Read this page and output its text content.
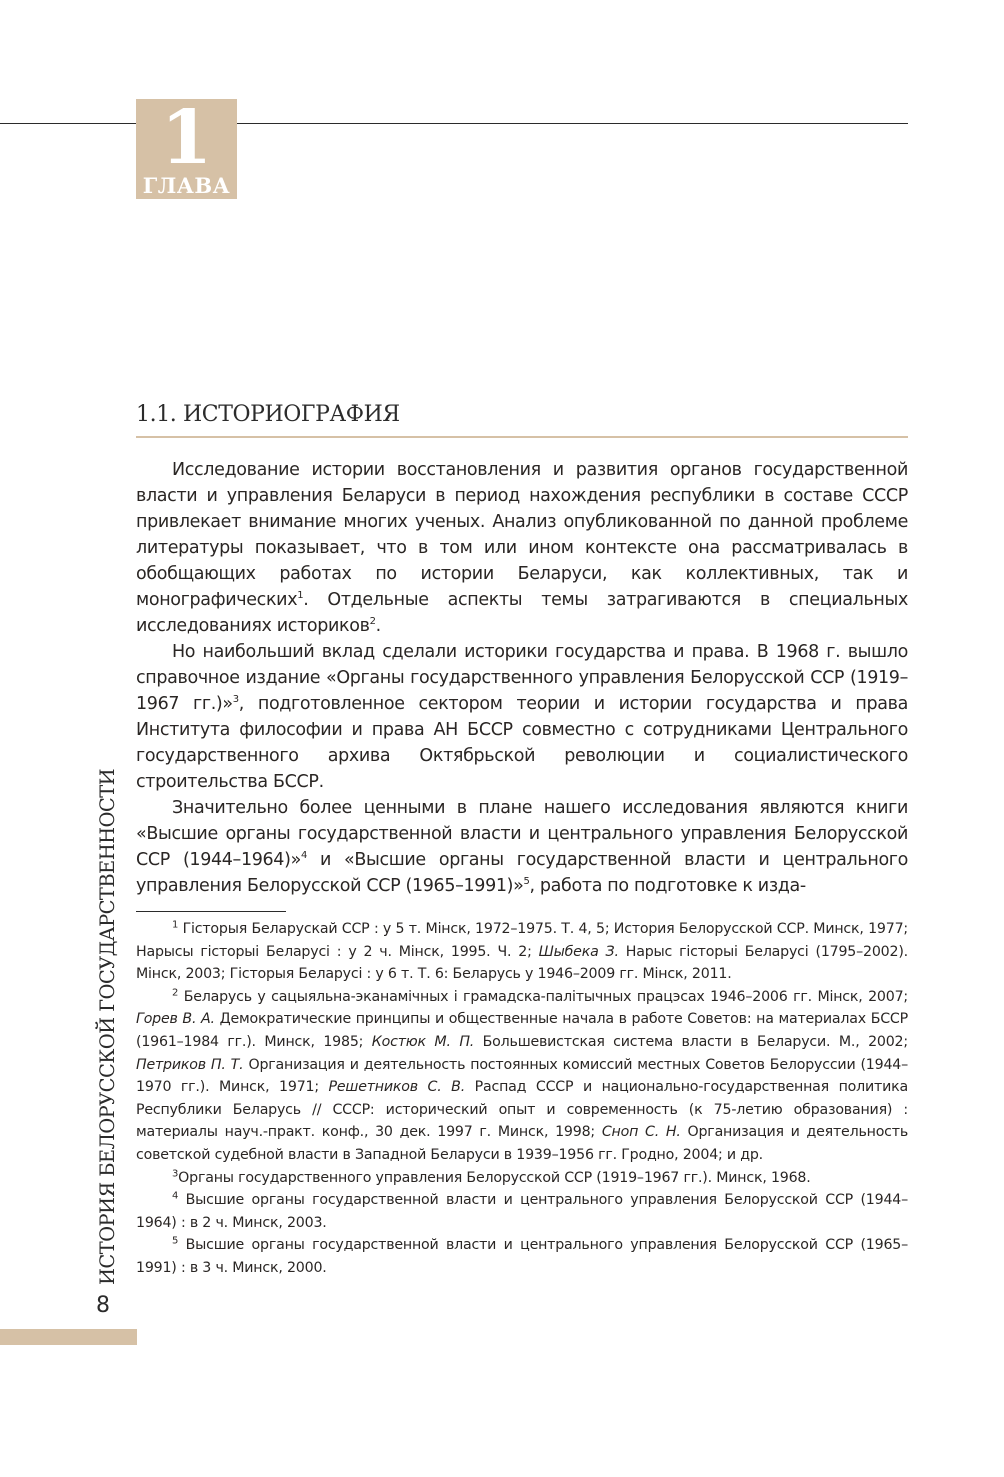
1
ГЛАВА
1.1. ИСТОРИОГРАФИЯ

Исследование истории восстановления и развития органов государственной власти и управления Беларуси в период нахождения республики в составе СССР привлекает внимание многих ученых. Анализ опубликованной по данной проблеме литературы показывает, что в том или ином контексте она рассматривалась в обобщающих работах по истории Беларуси, как коллективных, так и монографических$^1$. Отдельные аспекты темы затрагиваются в специальных исследованиях историков$^2$.

Но наибольший вклад сделали историки государства и права. В 1968 г. вышло справочное издание «Органы государственного управления Белорусской ССР (1919–1967 гг.)»$^3$, подготовленное сектором теории и истории государства и права Института философии и права АН БССР совместно с сотрудниками Центрального государственного архива Октябрьской революции и социалистического строительства БССР.

Значительно более ценными в плане нашего исследования являются книги «Высшие органы государственной власти и центрального управления Белорусской ССР (1944–1964)»$^4$ и «Высшие органы государственной власти и центрального управления Белорусской ССР (1965–1991)»$^5$, работа по подготовке к изда-

$^1$ Гісторыя Беларускай ССР : у 5 т. Мінск, 1972–1975. Т. 4, 5; История Белорусской ССР. Минск, 1977; Нарысы гісторыі Беларусі : у 2 ч. Мінск, 1995. Ч. 2; Шыбека З. Нарыс гісторыі Беларусі (1795–2002). Мінск, 2003; Гісторыя Беларусі : у 6 т. Т. 6: Беларусь у 1946–2009 гг. Мінск, 2011.

$^2$ Беларусь у сацыяльна-эканамічных і грамадска-палітычных працэсах 1946–2006 гг. Мінск, 2007; Горев В. А. Демократические принципы и общественные начала в работе Советов: на материалах БССР (1961–1984 гг.). Минск, 1985; Костюк М. П. Большевистская система власти в Беларуси. М., 2002; Петриков П. Т. Организация и деятельность постоянных комиссий местных Советов Белоруссии (1944–1970 гг.). Минск, 1971; Решетников С. В. Распад СССР и национально-государственная политика Республики Беларусь // СССР: исторический опыт и современность (к 75-летию образования) : материалы науч.-практ. конф., 30 дек. 1997 г. Минск, 1998; Сноп С. Н. Организация и деятельность советской судебной власти в Западной Беларуси в 1939–1956 гг. Гродно, 2004; и др.

$^3$Органы государственного управления Белорусской ССР (1919–1967 гг.). Минск, 1968.

$^4$ Высшие органы государственной власти и центрального управления Белорусской ССР (1944–1964) : в 2 ч. Минск, 2003.

$^5$ Высшие органы государственной власти и центрального управления Белорусской ССР (1965–1991) : в 3 ч. Минск, 2000.

ИСТОРИЯ БЕЛОРУССКОЙ ГОСУДАРСТВЕННОСТИ
8
